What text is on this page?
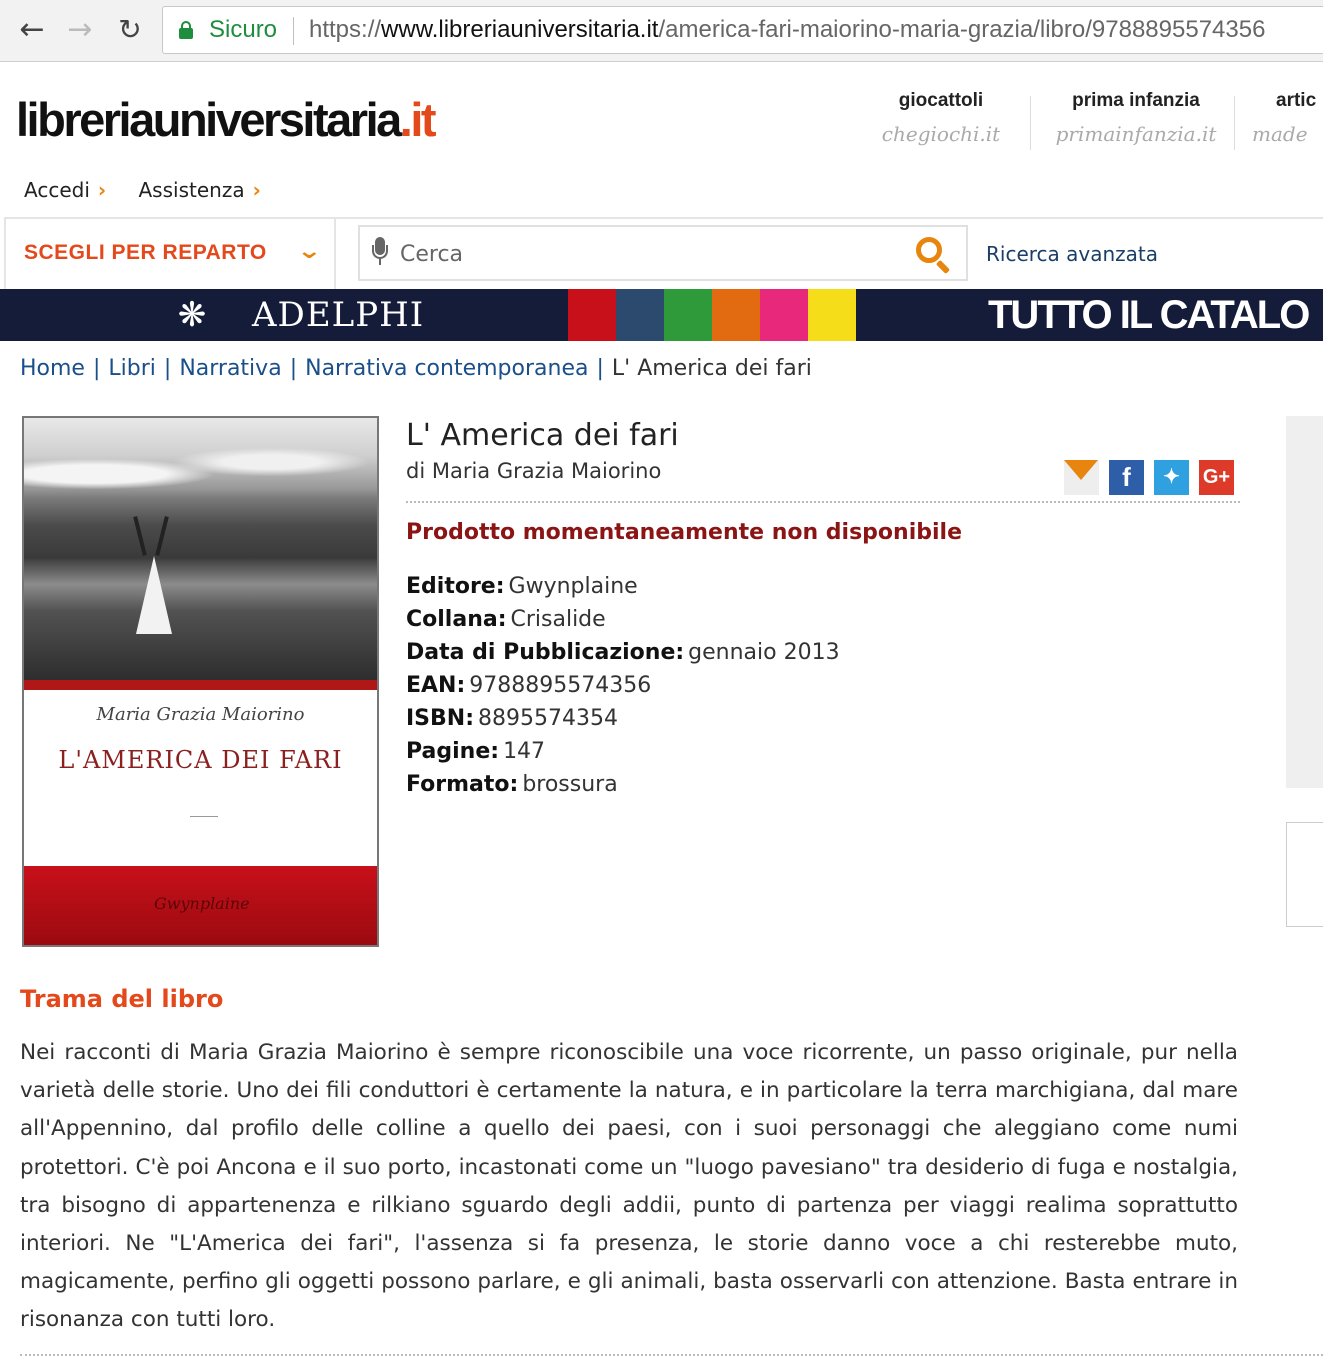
← → ↻	Sicuro https://www.libreriauniversitaria.it/america-fari-maiorino-maria-grazia/libro/9788895574356
libreriauniversitaria.it	giocattoli
chegiochi.it
prima infanzia
primainfanzia.it
artic
made
Accedi › Assistenza ›
SCEGLI PER REPARTO ⌄
Cerca	Ricerca avanzata
❋ ADELPHI	TUTTO IL CATALO
Home | Libri | Narrativa | Narrativa contemporanea | L' America dei fari
Maria Grazia Maiorino
L'AMERICA DEI FARI
Gwynplaine
L' America dei fari
di Maria Grazia Maiorino	f	✦	G+
Prodotto momentaneamente non disponibile
Editore: Gwynplaine
Collana: Crisalide
Data di Pubblicazione: gennaio 2013
EAN: 9788895574356
ISBN: 8895574354
Pagine: 147
Formato: brossura
Trama del libro

Nei racconti di Maria Grazia Maiorino è sempre riconoscibile una voce ricorrente, un passo originale, pur nella varietà delle storie. Uno dei fili conduttori è certamente la natura, e in particolare la terra marchigiana, dal mare all'Appennino, dal profilo delle colline a quello dei paesi, con i suoi personaggi che aleggiano come numi protettori. C'è poi Ancona e il suo porto, incastonati come un "luogo pavesiano" tra desiderio di fuga e nostalgia, tra bisogno di appartenenza e rilkiano sguardo degli addii, punto di partenza per viaggi realima soprattutto interiori. Ne "L'America dei fari", l'assenza si fa presenza, le storie danno voce a chi resterebbe muto, magicamente, perfino gli oggetti possono parlare, e gli animali, basta osservarli con attenzione. Basta entrare in risonanza con tutti loro.
